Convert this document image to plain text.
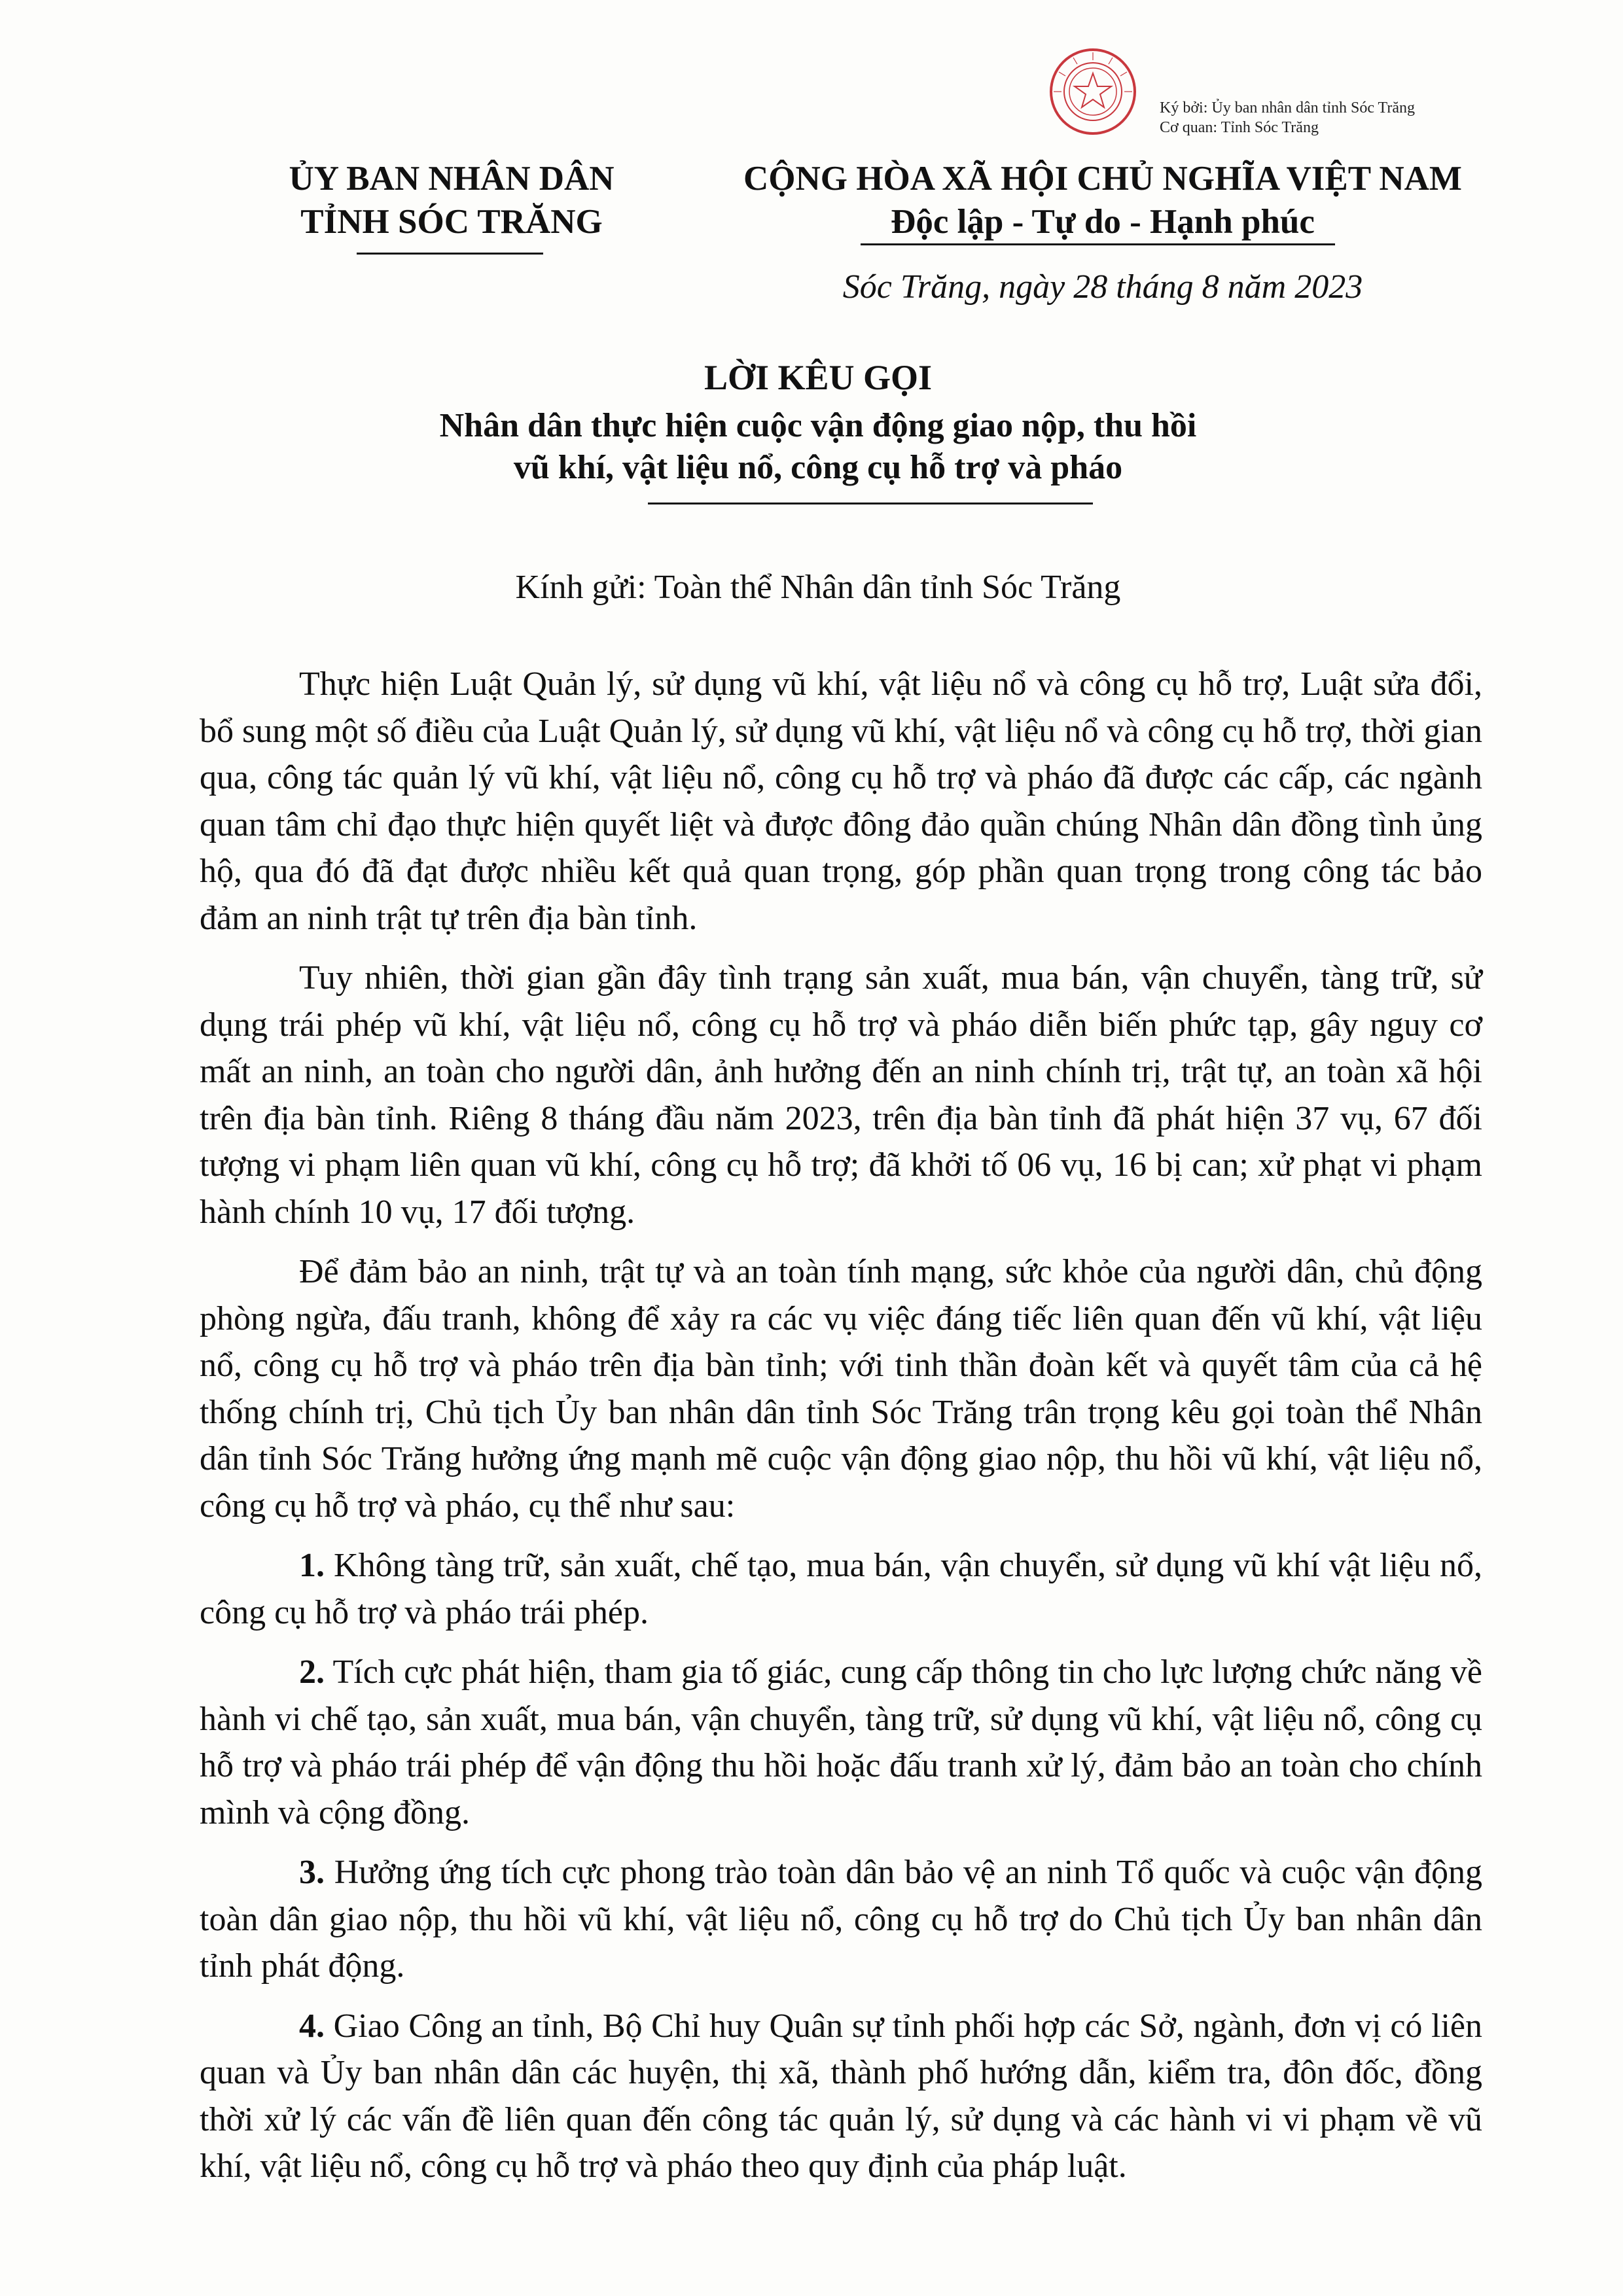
Ký bởi: Ủy ban nhân dân tỉnh Sóc Trăng
Cơ quan: Tỉnh Sóc Trăng
ỦY BAN NHÂN DÂN
TỈNH SÓC TRĂNG
CỘNG HÒA XÃ HỘI CHỦ NGHĨA VIỆT NAM
Độc lập - Tự do - Hạnh phúc
Sóc Trăng, ngày 28 tháng 8 năm 2023
LỜI KÊU GỌI
Nhân dân thực hiện cuộc vận động giao nộp, thu hồi
vũ khí, vật liệu nổ, công cụ hỗ trợ và pháo
Kính gửi: Toàn thể Nhân dân tỉnh Sóc Trăng

Thực hiện Luật Quản lý, sử dụng vũ khí, vật liệu nổ và công cụ hỗ trợ, Luật sửa đổi, bổ sung một số điều của Luật Quản lý, sử dụng vũ khí, vật liệu nổ và công cụ hỗ trợ, thời gian qua, công tác quản lý vũ khí, vật liệu nổ, công cụ hỗ trợ và pháo đã được các cấp, các ngành quan tâm chỉ đạo thực hiện quyết liệt và được đông đảo quần chúng Nhân dân đồng tình ủng hộ, qua đó đã đạt được nhiều kết quả quan trọng, góp phần quan trọng trong công tác bảo đảm an ninh trật tự trên địa bàn tỉnh.

Tuy nhiên, thời gian gần đây tình trạng sản xuất, mua bán, vận chuyển, tàng trữ, sử dụng trái phép vũ khí, vật liệu nổ, công cụ hỗ trợ và pháo diễn biến phức tạp, gây nguy cơ mất an ninh, an toàn cho người dân, ảnh hưởng đến an ninh chính trị, trật tự, an toàn xã hội trên địa bàn tỉnh. Riêng 8 tháng đầu năm 2023, trên địa bàn tỉnh đã phát hiện 37 vụ, 67 đối tượng vi phạm liên quan vũ khí, công cụ hỗ trợ; đã khởi tố 06 vụ, 16 bị can; xử phạt vi phạm hành chính 10 vụ, 17 đối tượng.

Để đảm bảo an ninh, trật tự và an toàn tính mạng, sức khỏe của người dân, chủ động phòng ngừa, đấu tranh, không để xảy ra các vụ việc đáng tiếc liên quan đến vũ khí, vật liệu nổ, công cụ hỗ trợ và pháo trên địa bàn tỉnh; với tinh thần đoàn kết và quyết tâm của cả hệ thống chính trị, Chủ tịch Ủy ban nhân dân tỉnh Sóc Trăng trân trọng kêu gọi toàn thể Nhân dân tỉnh Sóc Trăng hưởng ứng mạnh mẽ cuộc vận động giao nộp, thu hồi vũ khí, vật liệu nổ, công cụ hỗ trợ và pháo, cụ thể như sau:

1. Không tàng trữ, sản xuất, chế tạo, mua bán, vận chuyển, sử dụng vũ khí vật liệu nổ, công cụ hỗ trợ và pháo trái phép.

2. Tích cực phát hiện, tham gia tố giác, cung cấp thông tin cho lực lượng chức năng về hành vi chế tạo, sản xuất, mua bán, vận chuyển, tàng trữ, sử dụng vũ khí, vật liệu nổ, công cụ hỗ trợ và pháo trái phép để vận động thu hồi hoặc đấu tranh xử lý, đảm bảo an toàn cho chính mình và cộng đồng.

3. Hưởng ứng tích cực phong trào toàn dân bảo vệ an ninh Tổ quốc và cuộc vận động toàn dân giao nộp, thu hồi vũ khí, vật liệu nổ, công cụ hỗ trợ do Chủ tịch Ủy ban nhân dân tỉnh phát động.

4. Giao Công an tỉnh, Bộ Chỉ huy Quân sự tỉnh phối hợp các Sở, ngành, đơn vị có liên quan và Ủy ban nhân dân các huyện, thị xã, thành phố hướng dẫn, kiểm tra, đôn đốc, đồng thời xử lý các vấn đề liên quan đến công tác quản lý, sử dụng và các hành vi vi phạm về vũ khí, vật liệu nổ, công cụ hỗ trợ và pháo theo quy định của pháp luật.
